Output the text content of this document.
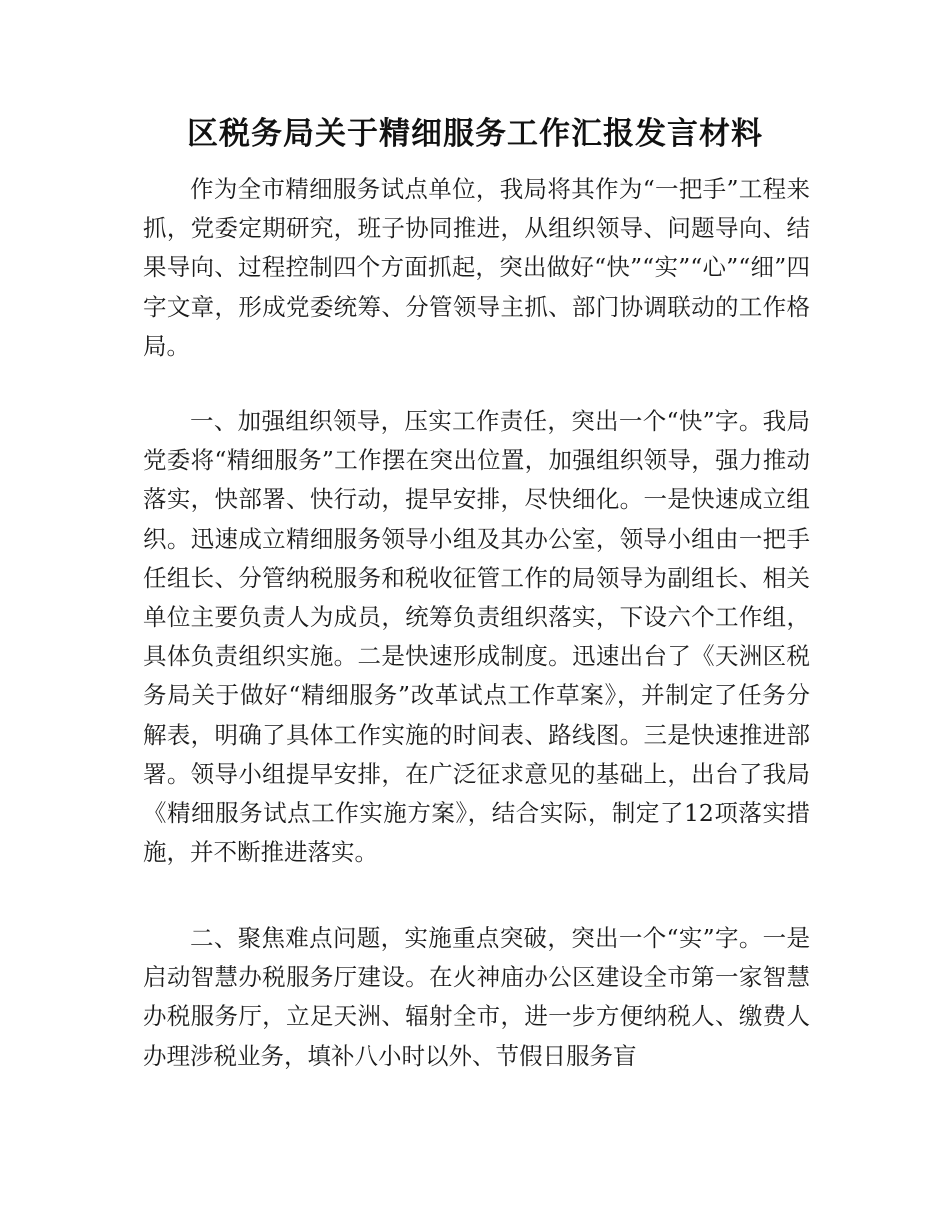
区税务局关于精细服务工作汇报发言材料

作为全市精细服务试点单位，我局将其作为“一把手”工程来抓，党委定期研究，班子协同推进，从组织领导、问题导向、结果导向、过程控制四个方面抓起，突出做好“快”“实”“心”“细”四字文章，形成党委统筹、分管领导主抓、部门协调联动的工作格局。

一、加强组织领导，压实工作责任，突出一个“快”字。我局党委将“精细服务”工作摆在突出位置，加强组织领导，强力推动落实，快部署、快行动，提早安排，尽快细化。一是快速成立组织。迅速成立精细服务领导小组及其办公室，领导小组由一把手任组长、分管纳税服务和税收征管工作的局领导为副组长、相关单位主要负责人为成员，统筹负责组织落实，下设六个工作组，具体负责组织实施。二是快速形成制度。迅速出台了《天洲区税务局关于做好“精细服务”改革试点工作草案》，并制定了任务分解表，明确了具体工作实施的时间表、路线图。三是快速推进部署。领导小组提早安排，在广泛征求意见的基础上，出台了我局《精细服务试点工作实施方案》，结合实际，制定了12项落实措施，并不断推进落实。

二、聚焦难点问题，实施重点突破，突出一个“实”字。一是启动智慧办税服务厅建设。在火神庙办公区建设全市第一家智慧办税服务厅，立足天洲、辐射全市，进一步方便纳税人、缴费人办理涉税业务，填补八小时以外、节假日服务盲
